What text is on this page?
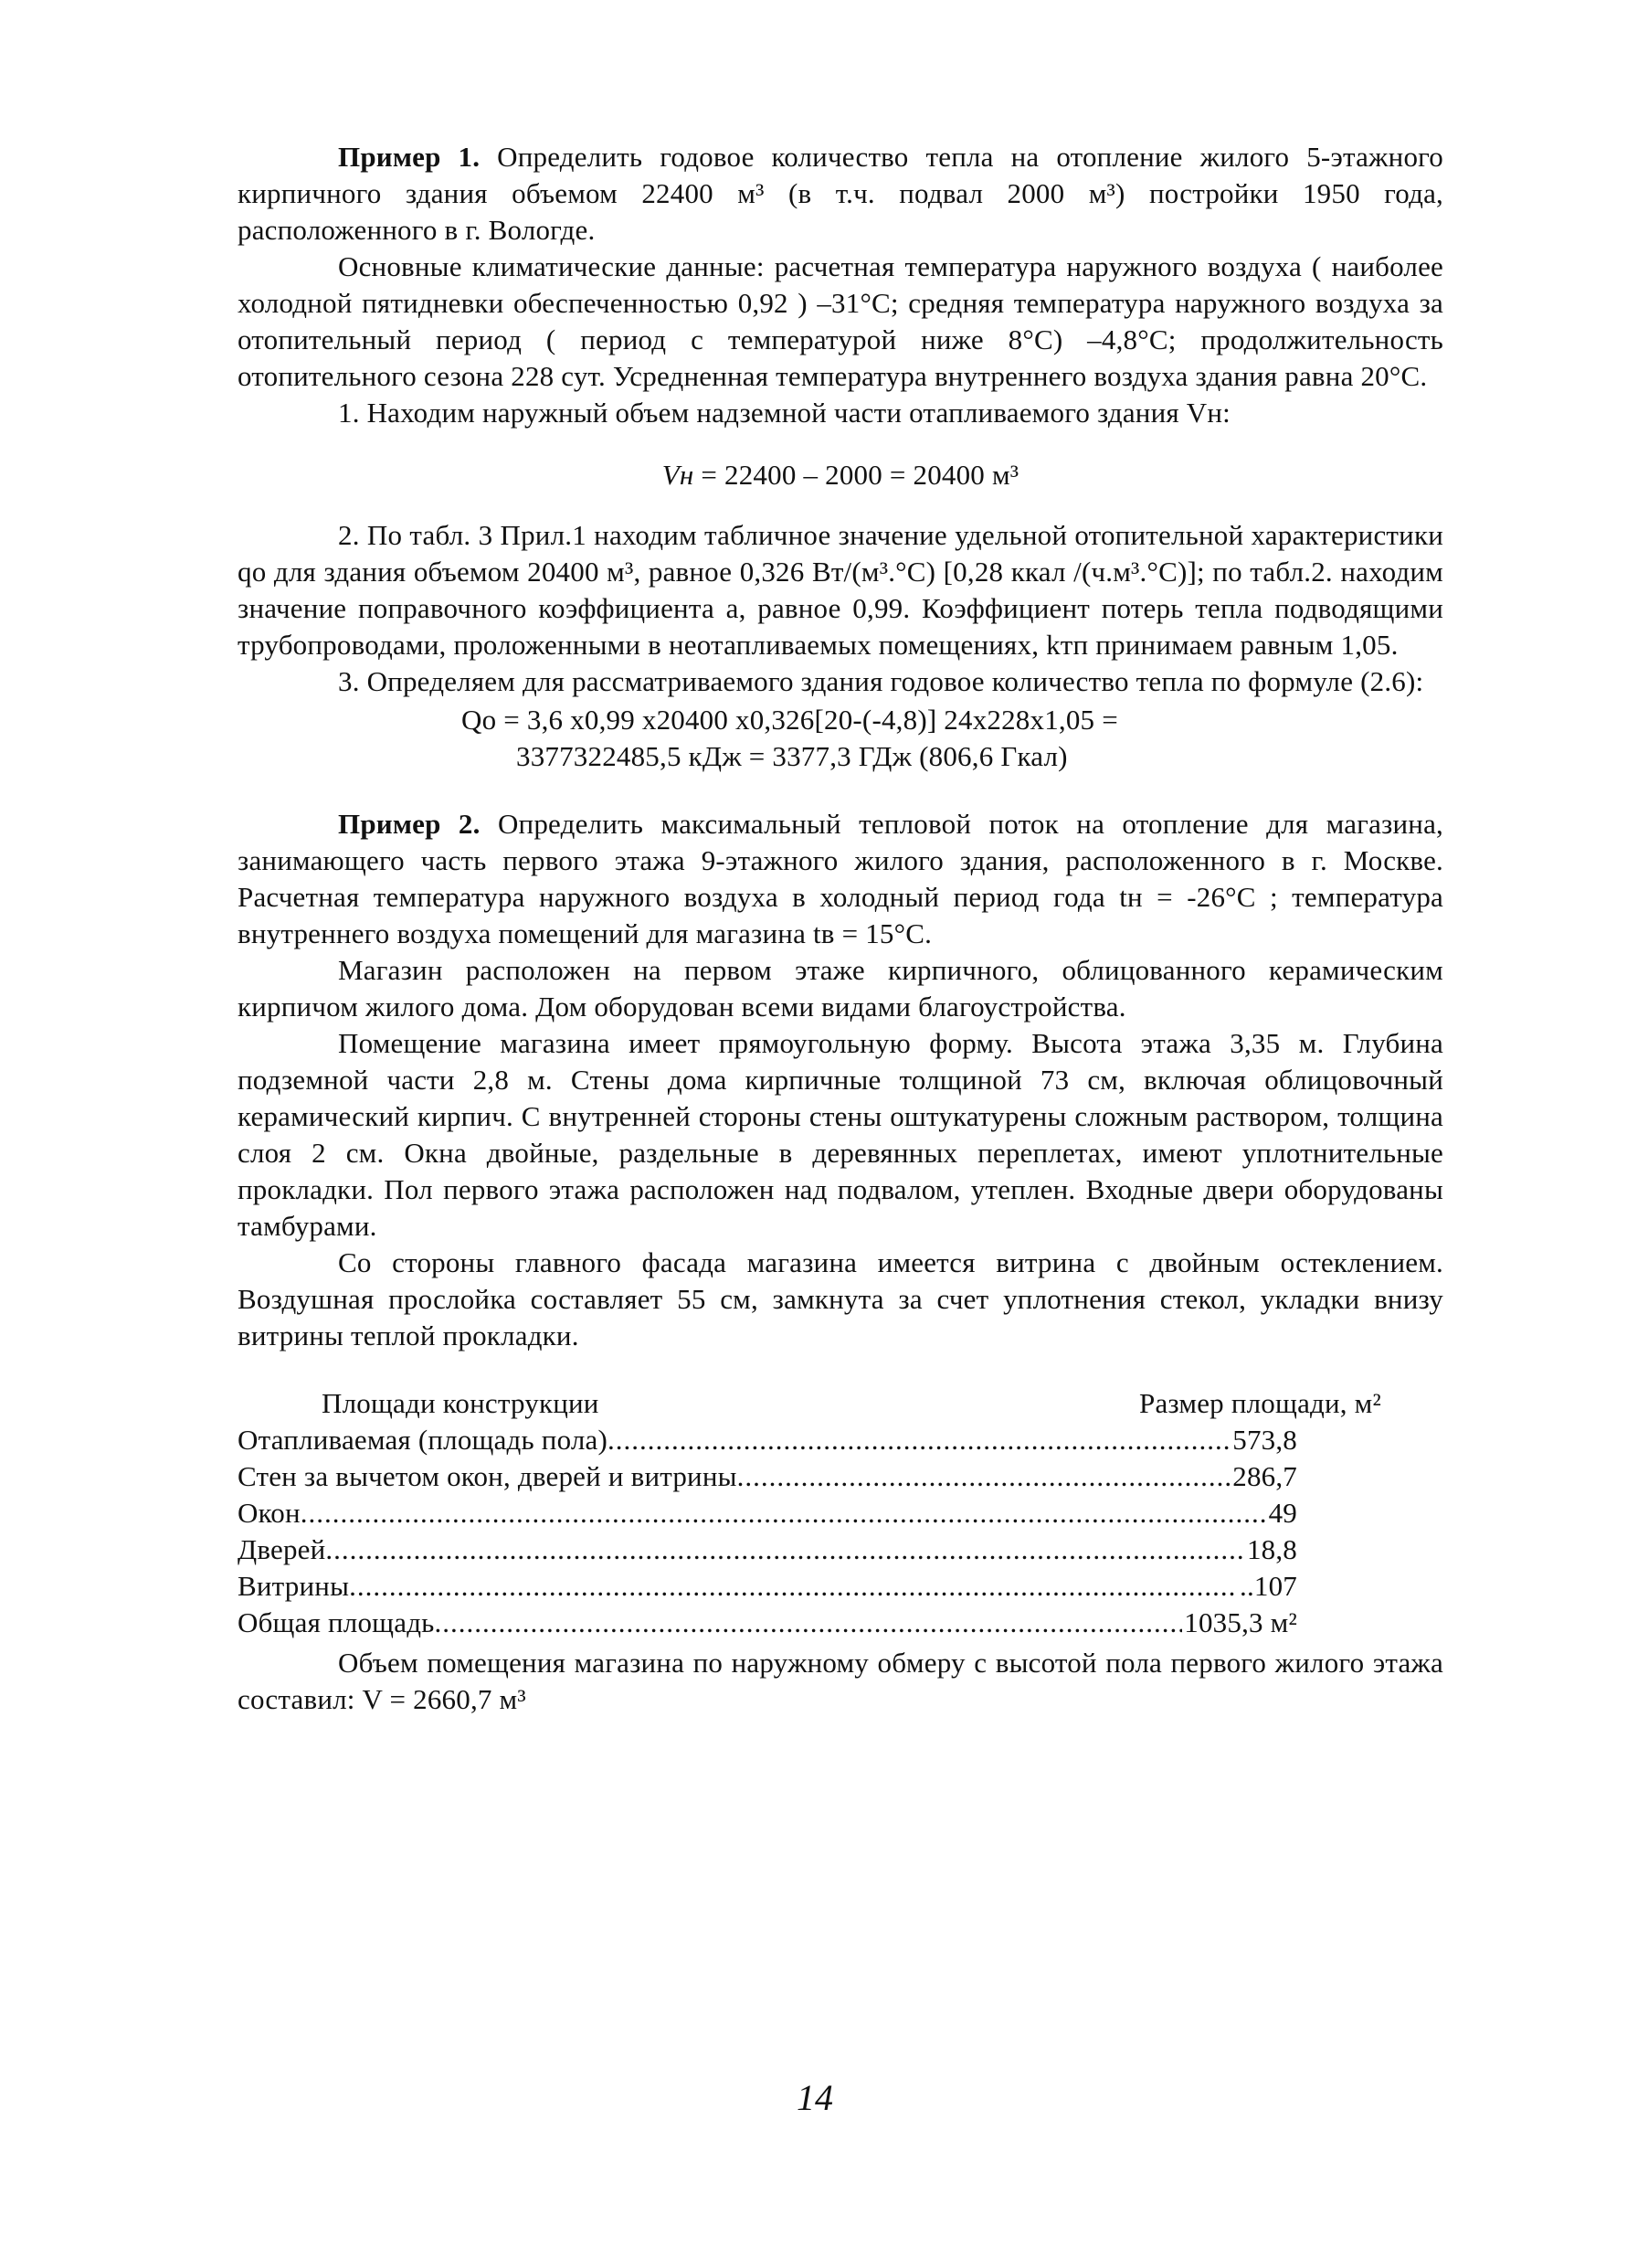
Пример 1. Определить годовое количество тепла на отопление жилого 5-этажного кирпичного здания объемом 22400 м³ (в т.ч. подвал 2000 м³) постройки 1950 года, расположенного в г. Вологде.

Основные климатические данные: расчетная температура наружного воздуха ( наиболее холодной пятидневки обеспеченностью 0,92 ) –31°С; средняя температура наружного воздуха за отопительный период ( период с температурой ниже 8°С) –4,8°С; продолжительность отопительного сезона 228 сут. Усредненная температура внутреннего воздуха здания равна 20°С.

1. Находим наружный объем надземной части отапливаемого здания Vн:

Vн = 22400 – 2000 = 20400 м³

2. По табл. 3 Прил.1 находим табличное значение удельной отопительной характеристики qo для здания объемом 20400 м³, равное 0,326 Вт/(м³.°С) [0,28 ккал /(ч.м³.°С)]; по табл.2. находим значение поправочного коэффициента a, равное 0,99. Коэффициент потерь тепла подводящими трубопроводами, проложенными в неотапливаемых помещениях, kтп принимаем равным 1,05.

3. Определяем для рассматриваемого здания годовое количество тепла по формуле (2.6):

Qo = 3,6 x0,99 x20400 x0,326[20-(-4,8)] 24x228x1,05 =
3377322485,5 кДж = 3377,3 ГДж (806,6 Гкал)

Пример 2. Определить максимальный тепловой поток на отопление для магазина, занимающего часть первого этажа 9-этажного жилого здания, расположенного в г. Москве. Расчетная температура наружного воздуха в холодный период года tн = -26°С ; температура внутреннего воздуха помещений для магазина tв = 15°С.

Магазин расположен на первом этаже кирпичного, облицованного керамическим кирпичом жилого дома. Дом оборудован всеми видами благоустройства.

Помещение магазина имеет прямоугольную форму. Высота этажа 3,35 м. Глубина подземной части 2,8 м. Стены дома кирпичные толщиной 73 см, включая облицовочный керамический кирпич. С внутренней стороны стены оштукатурены сложным раствором, толщина слоя 2 см. Окна двойные, раздельные в деревянных переплетах, имеют уплотнительные прокладки. Пол первого этажа расположен над подвалом, утеплен. Входные двери оборудованы тамбурами.

Со стороны главного фасада магазина имеется витрина с двойным остеклением. Воздушная прослойка составляет 55 см, замкнута за счет уплотнения стекол, укладки внизу витрины теплой прокладки.

Площади конструкции	Размер площади, м²
Отапливаемая (площадь пола) .....	573,8
Стен за вычетом окон, дверей и витрины .....	286,7
Окон .....	49
Дверей .....	18,8
Витрины .....	..107
Общая площадь .....	1035,3 м²

Объем помещения магазина по наружному обмеру с высотой пола первого жилого этажа составил: V = 2660,7 м³

14
